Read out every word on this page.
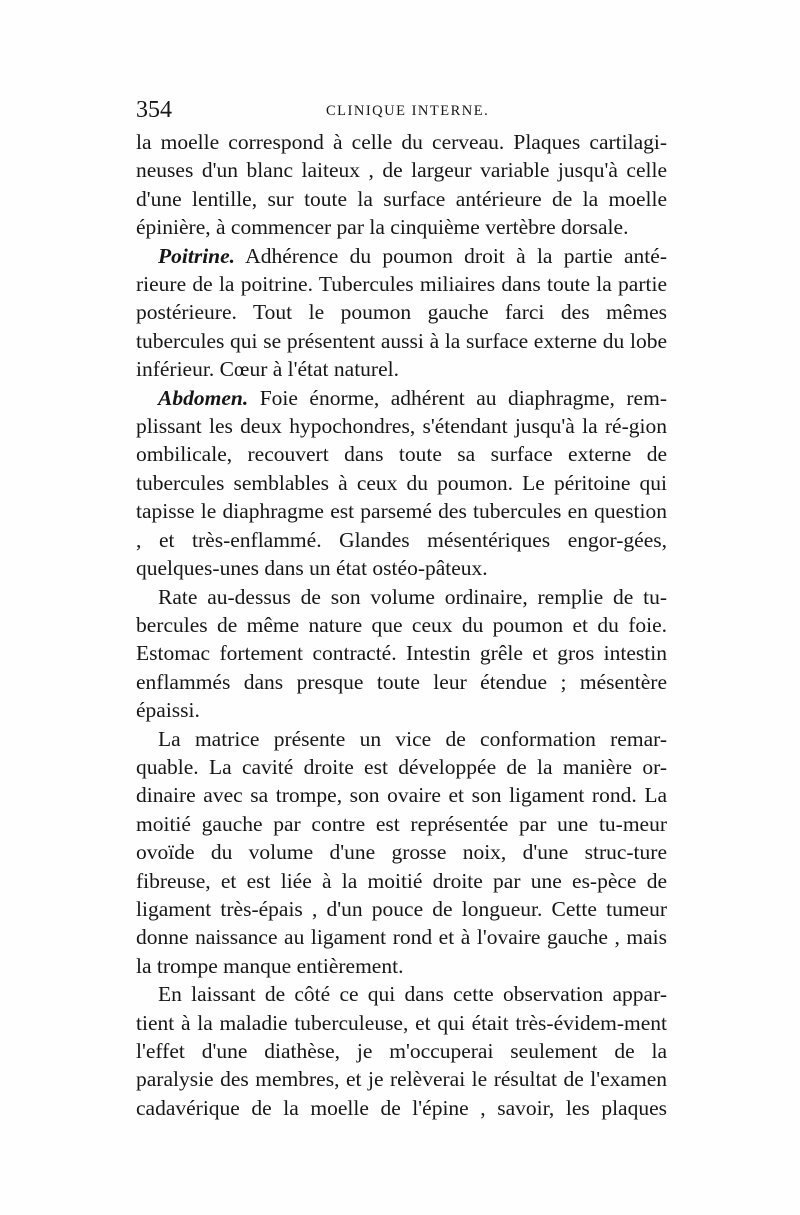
354	CLINIQUE INTERNE.

la moelle correspond à celle du cerveau. Plaques cartilagi-neuses d'un blanc laiteux , de largeur variable jusqu'à celle d'une lentille, sur toute la surface antérieure de la moelle épinière, à commencer par la cinquième vertèbre dorsale.

Poitrine. Adhérence du poumon droit à la partie anté-rieure de la poitrine. Tubercules miliaires dans toute la partie postérieure. Tout le poumon gauche farci des mêmes tubercules qui se présentent aussi à la surface externe du lobe inférieur. Cœur à l'état naturel.

Abdomen. Foie énorme, adhérent au diaphragme, rem-plissant les deux hypochondres, s'étendant jusqu'à la ré-gion ombilicale, recouvert dans toute sa surface externe de tubercules semblables à ceux du poumon. Le péritoine qui tapisse le diaphragme est parsemé des tubercules en question , et très-enflammé. Glandes mésentériques engor-gées, quelques-unes dans un état ostéo-pâteux.

Rate au-dessus de son volume ordinaire, remplie de tu-bercules de même nature que ceux du poumon et du foie. Estomac fortement contracté. Intestin grêle et gros intestin enflammés dans presque toute leur étendue ; mésentère épaissi.

La matrice présente un vice de conformation remar-quable. La cavité droite est développée de la manière or-dinaire avec sa trompe, son ovaire et son ligament rond. La moitié gauche par contre est représentée par une tu-meur ovoïde du volume d'une grosse noix, d'une struc-ture fibreuse, et est liée à la moitié droite par une es-pèce de ligament très-épais , d'un pouce de longueur. Cette tumeur donne naissance au ligament rond et à l'ovaire gauche , mais la trompe manque entièrement.

En laissant de côté ce qui dans cette observation appar-tient à la maladie tuberculeuse, et qui était très-évidem-ment l'effet d'une diathèse, je m'occuperai seulement de la paralysie des membres, et je relèverai le résultat de l'examen cadavérique de la moelle de l'épine , savoir, les plaques
